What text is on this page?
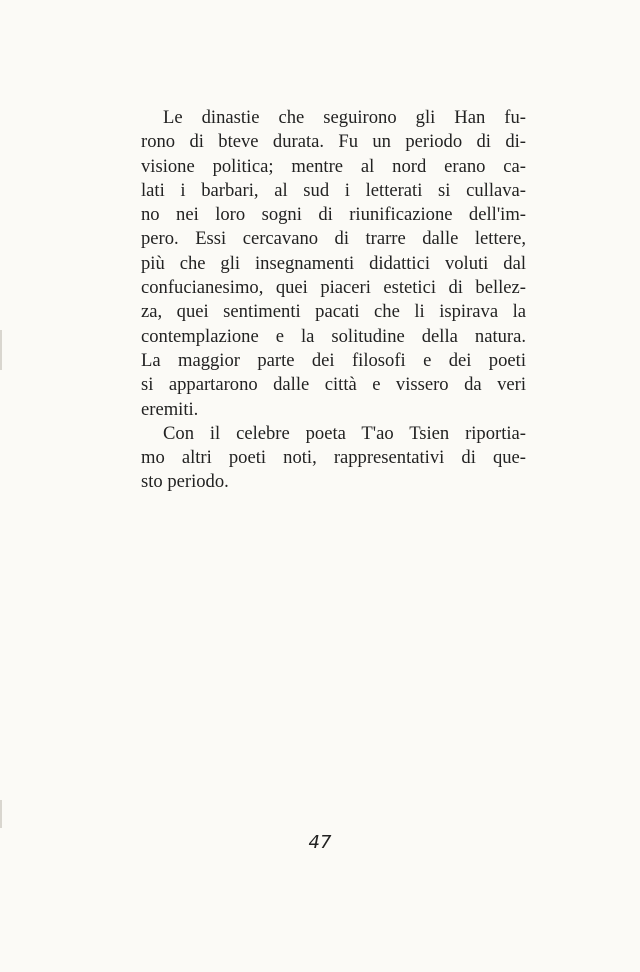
Le dinastie che seguirono gli Han fu-
rono di bteve durata. Fu un periodo di di-
visione politica; mentre al nord erano ca-
lati i barbari, al sud i letterati si cullava-
no nei loro sogni di riunificazione dell'im-
pero. Essi cercavano di trarre dalle lettere,
più che gli insegnamenti didattici voluti dal
confucianesimo, quei piaceri estetici di bellez-
za, quei sentimenti pacati che li ispirava la
contemplazione e la solitudine della natura.
La maggior parte dei filosofi e dei poeti
si appartarono dalle città e vissero da veri
eremiti.
Con il celebre poeta T'ao Tsien riportia-
mo altri poeti noti, rappresentativi di que-
sto periodo.
47
